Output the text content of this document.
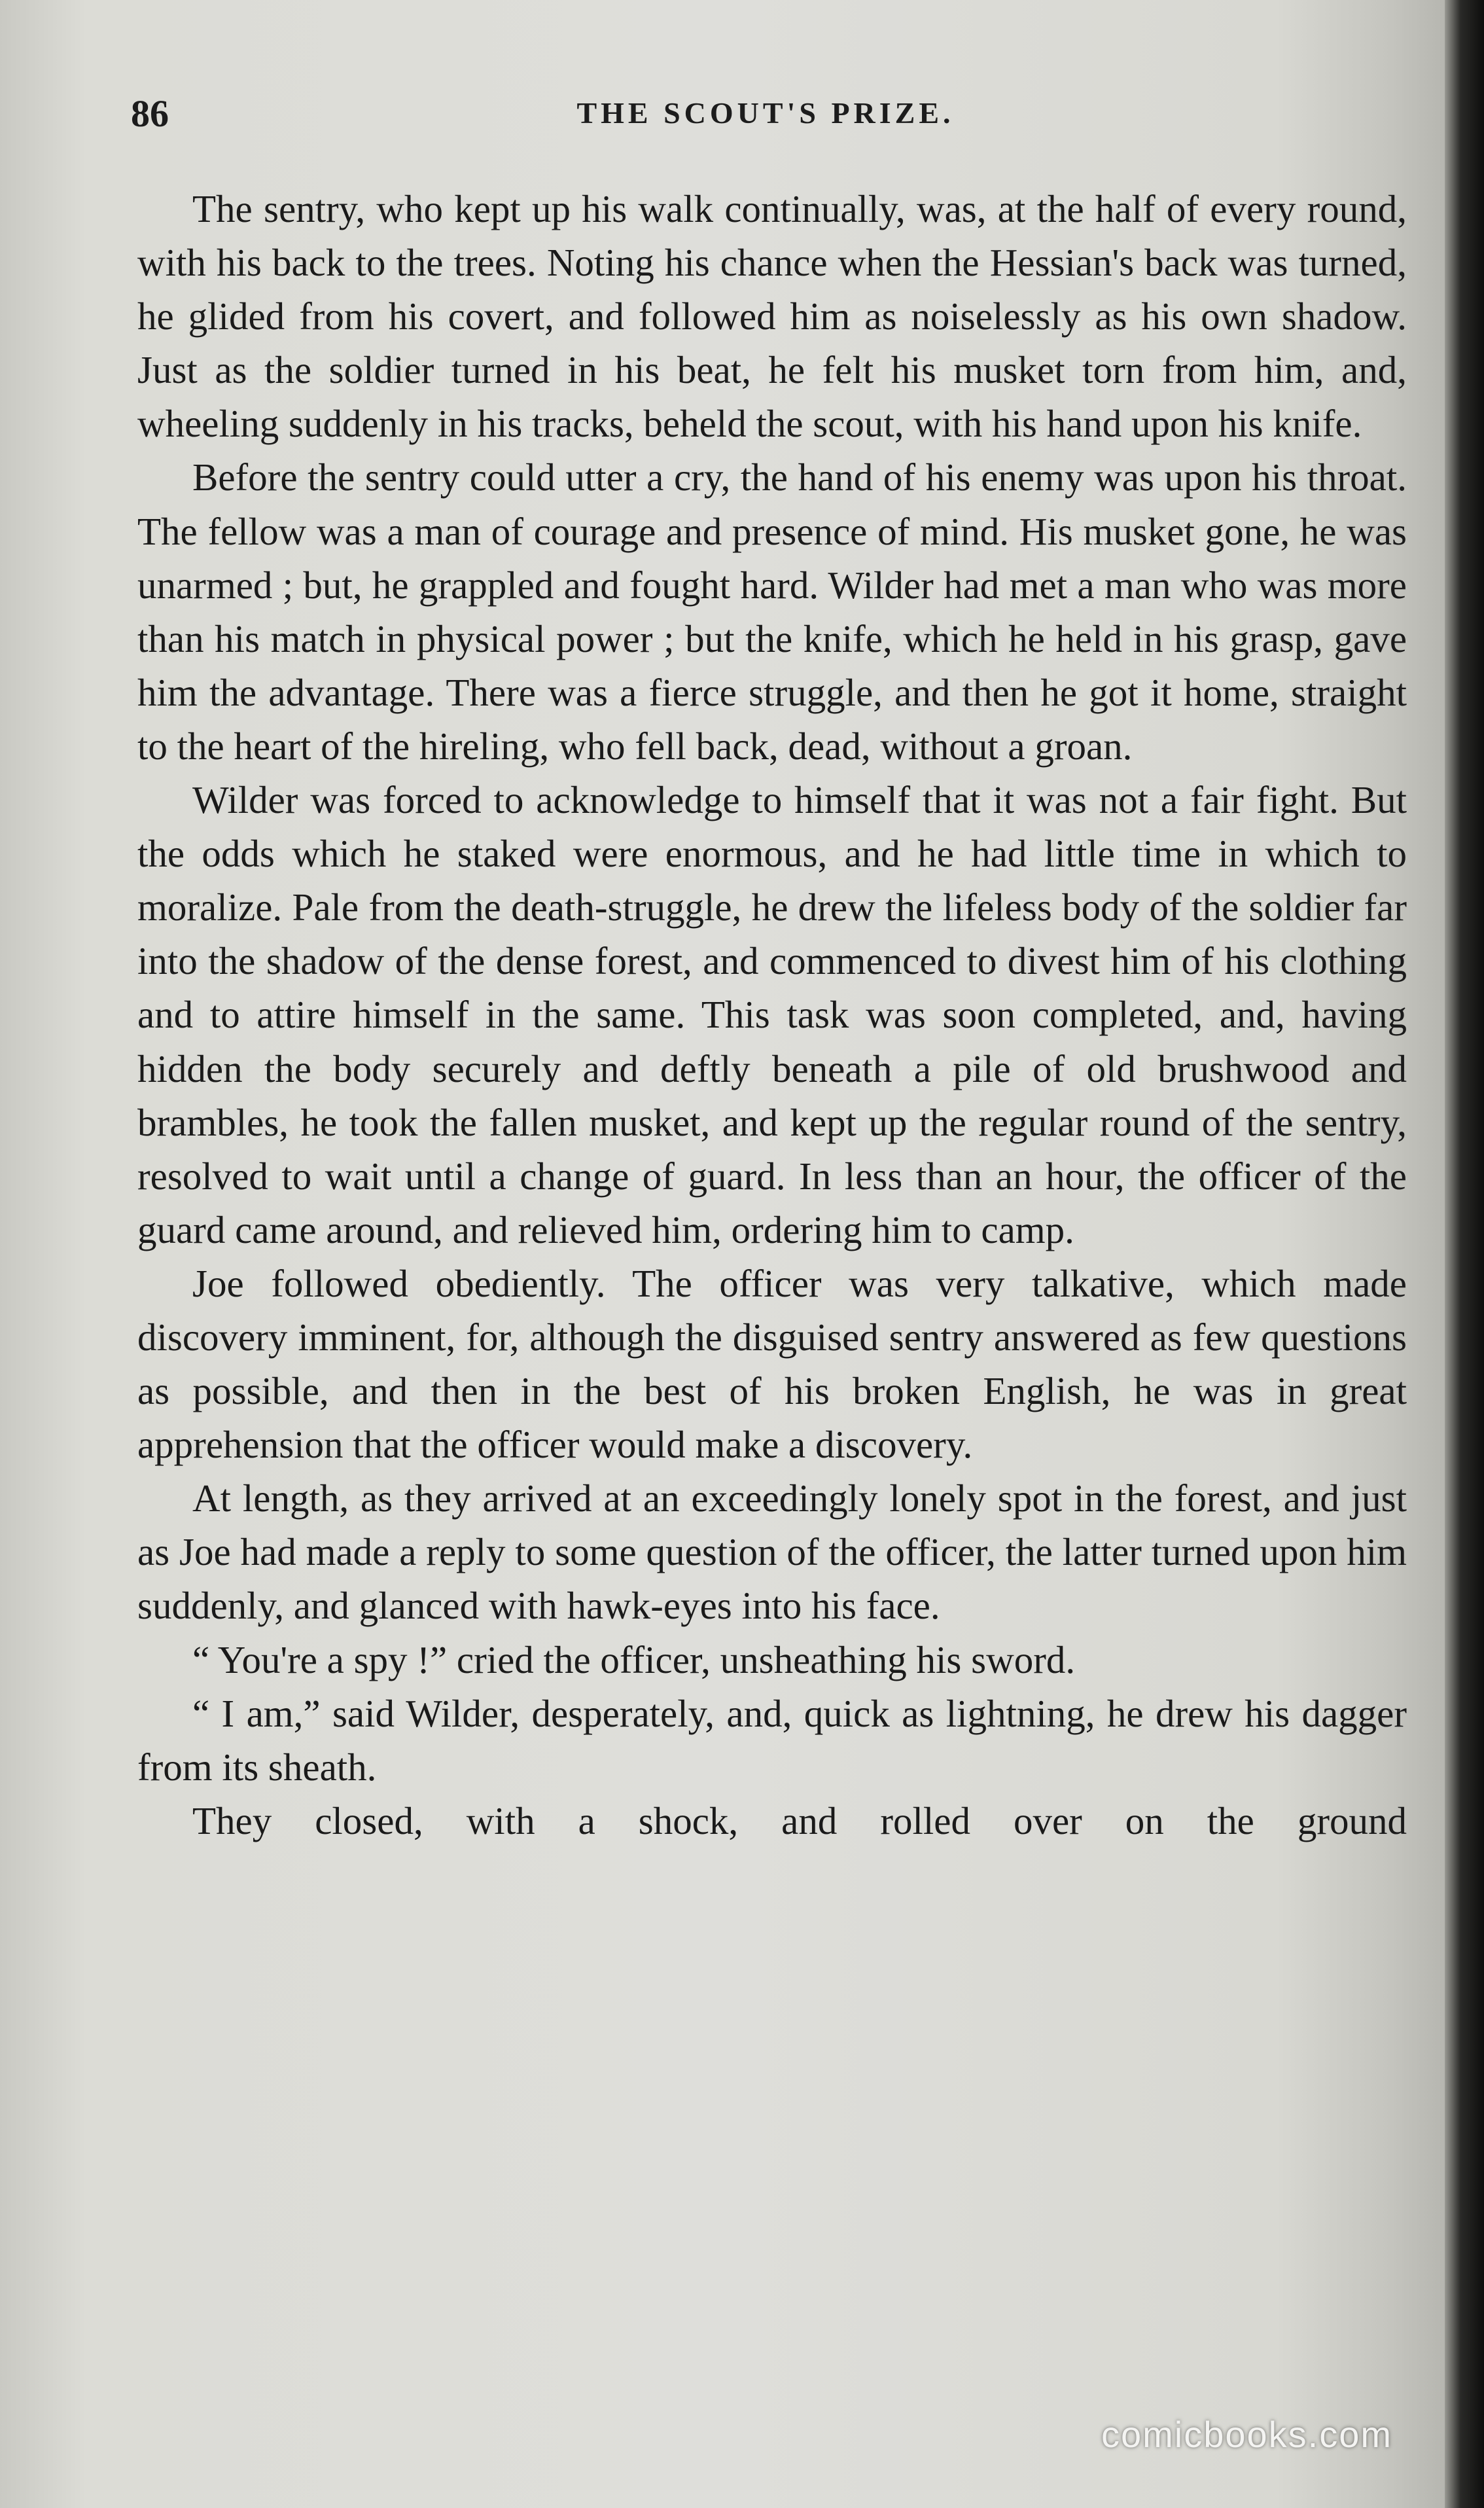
86	THE SCOUT'S PRIZE.

The sentry, who kept up his walk continually, was, at the half of every round, with his back to the trees. Noting his chance when the Hessian's back was turned, he glided from his covert, and followed him as noiselessly as his own shadow. Just as the soldier turned in his beat, he felt his musket torn from him, and, wheeling suddenly in his tracks, beheld the scout, with his hand upon his knife.

Before the sentry could utter a cry, the hand of his enemy was upon his throat. The fellow was a man of courage and presence of mind. His musket gone, he was unarmed ; but, he grappled and fought hard. Wilder had met a man who was more than his match in physical power ; but the knife, which he held in his grasp, gave him the advantage. There was a fierce struggle, and then he got it home, straight to the heart of the hireling, who fell back, dead, without a groan.

Wilder was forced to acknowledge to himself that it was not a fair fight. But the odds which he staked were enormous, and he had little time in which to moralize. Pale from the death-struggle, he drew the lifeless body of the soldier far into the shadow of the dense forest, and commenced to divest him of his clothing and to attire himself in the same. This task was soon completed, and, having hidden the body securely and deftly beneath a pile of old brushwood and brambles, he took the fallen musket, and kept up the regular round of the sentry, resolved to wait until a change of guard. In less than an hour, the officer of the guard came around, and relieved him, ordering him to camp.

Joe followed obediently. The officer was very talkative, which made discovery imminent, for, although the disguised sentry answered as few questions as possible, and then in the best of his broken English, he was in great apprehension that the officer would make a discovery.

At length, as they arrived at an exceedingly lonely spot in the forest, and just as Joe had made a reply to some question of the officer, the latter turned upon him suddenly, and glanced with hawk-eyes into his face.

“ You're a spy !” cried the officer, unsheathing his sword.

“ I am,” said Wilder, desperately, and, quick as lightning, he drew his dagger from its sheath.

They closed, with a shock, and rolled over on the ground

comicbooks.com
